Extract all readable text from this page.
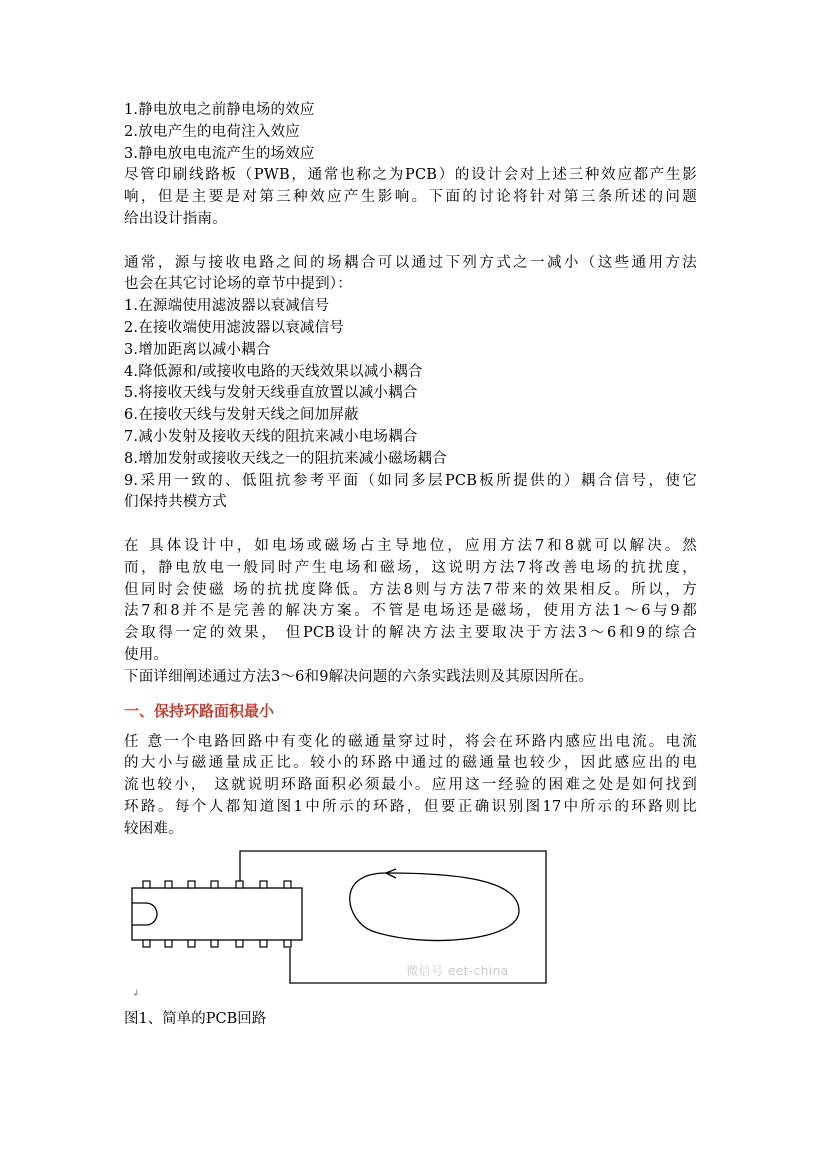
1.静电放电之前静电场的效应
2.放电产生的电荷注入效应
3.静电放电电流产生的场效应
尽管印刷线路板（PWB，通常也称之为PCB）的设计会对上述三种效应都产生影
响，但是主要是对第三种效应产生影响。下面的讨论将针对第三条所述的问题
给出设计指南。
通常，源与接收电路之间的场耦合可以通过下列方式之一减小（这些通用方法
也会在其它讨论场的章节中提到）：
1.在源端使用滤波器以衰减信号
2.在接收端使用滤波器以衰减信号
3.增加距离以减小耦合
4.降低源和/或接收电路的天线效果以减小耦合
5.将接收天线与发射天线垂直放置以减小耦合
6.在接收天线与发射天线之间加屏蔽
7.减小发射及接收天线的阻抗来减小电场耦合
8.增加发射或接收天线之一的阻抗来减小磁场耦合
9.采用一致的、低阻抗参考平面（如同多层PCB板所提供的）耦合信号，使它
们保持共模方式
在 具体设计中，如电场或磁场占主导地位，应用方法7和8就可以解决。然
而，静电放电一般同时产生电场和磁场，这说明方法7将改善电场的抗扰度，
但同时会使磁 场的抗扰度降低。方法8则与方法7带来的效果相反。所以，方
法7和8并不是完善的解决方案。不管是电场还是磁场，使用方法1～6与9都
会取得一定的效果， 但PCB设计的解决方法主要取决于方法3～6和9的综合
使用。
下面详细阐述通过方法3～6和9解决问题的六条实践法则及其原因所在。
一、保持环路面积最小
任 意一个电路回路中有变化的磁通量穿过时，将会在环路内感应出电流。电流
的大小与磁通量成正比。较小的环路中通过的磁通量也较少，因此感应出的电
流也较小， 这就说明环路面积必须最小。应用这一经验的困难之处是如何找到
环路。每个人都知道图1中所示的环路，但要正确识别图17中所示的环路则比
较困难。
微信号 eet-china
↲
图1、简单的PCB回路
